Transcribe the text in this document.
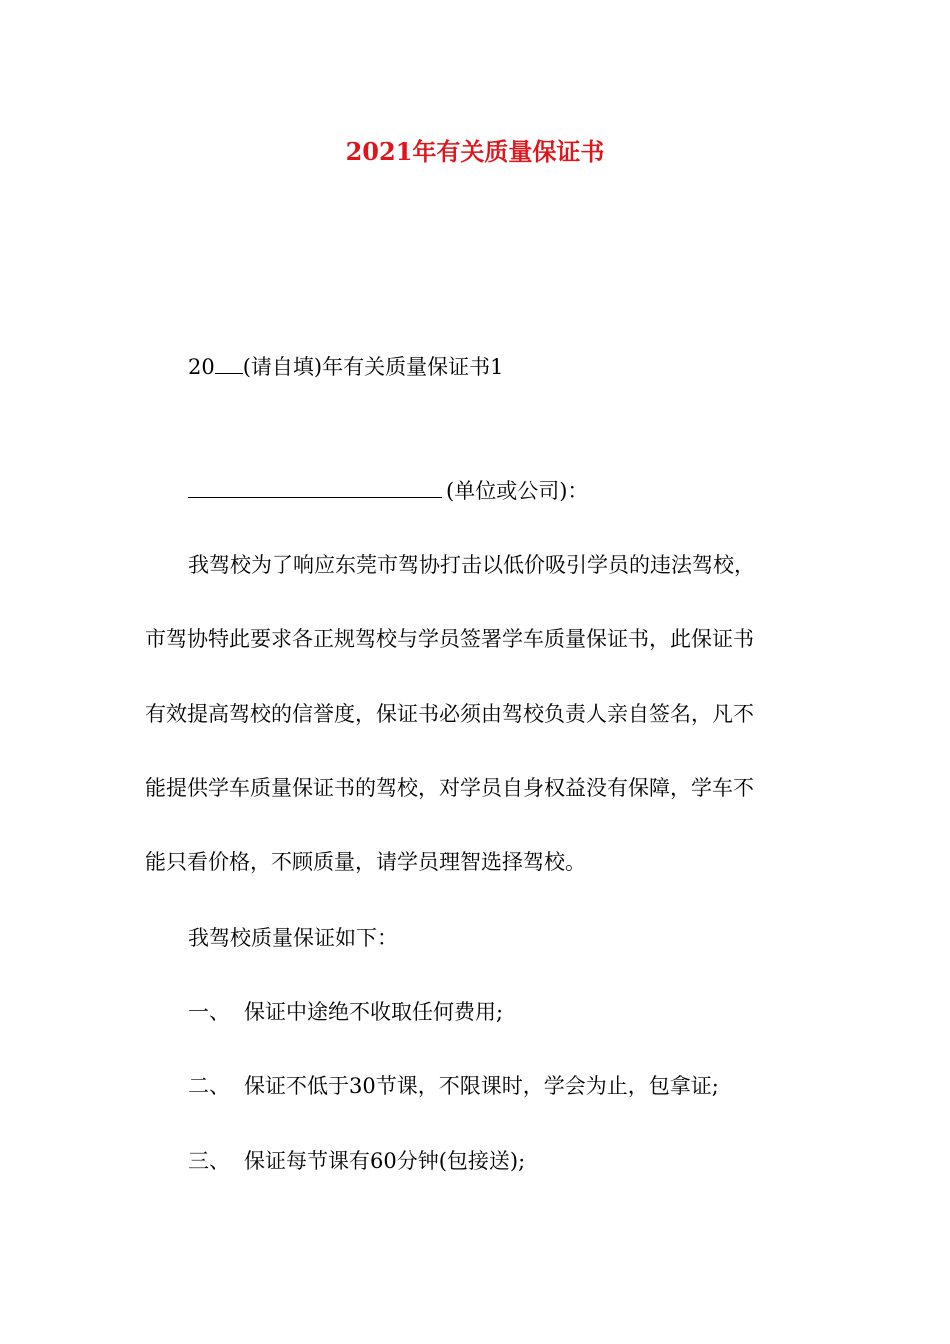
2021年有关质量保证书
20 (请自填)年有关质量保证书1
(单位或公司)：
我驾校为了响应东莞市驾协打击以低价吸引学员的违法驾校，
市驾协特此要求各正规驾校与学员签署学车质量保证书，此保证书
有效提高驾校的信誉度，保证书必须由驾校负责人亲自签名，凡不
能提供学车质量保证书的驾校，对学员自身权益没有保障，学车不
能只看价格，不顾质量，请学员理智选择驾校。
我驾校质量保证如下：
一、 保证中途绝不收取任何费用;
二、 保证不低于30节课，不限课时，学会为止，包拿证;
三、 保证每节课有60分钟(包接送);
